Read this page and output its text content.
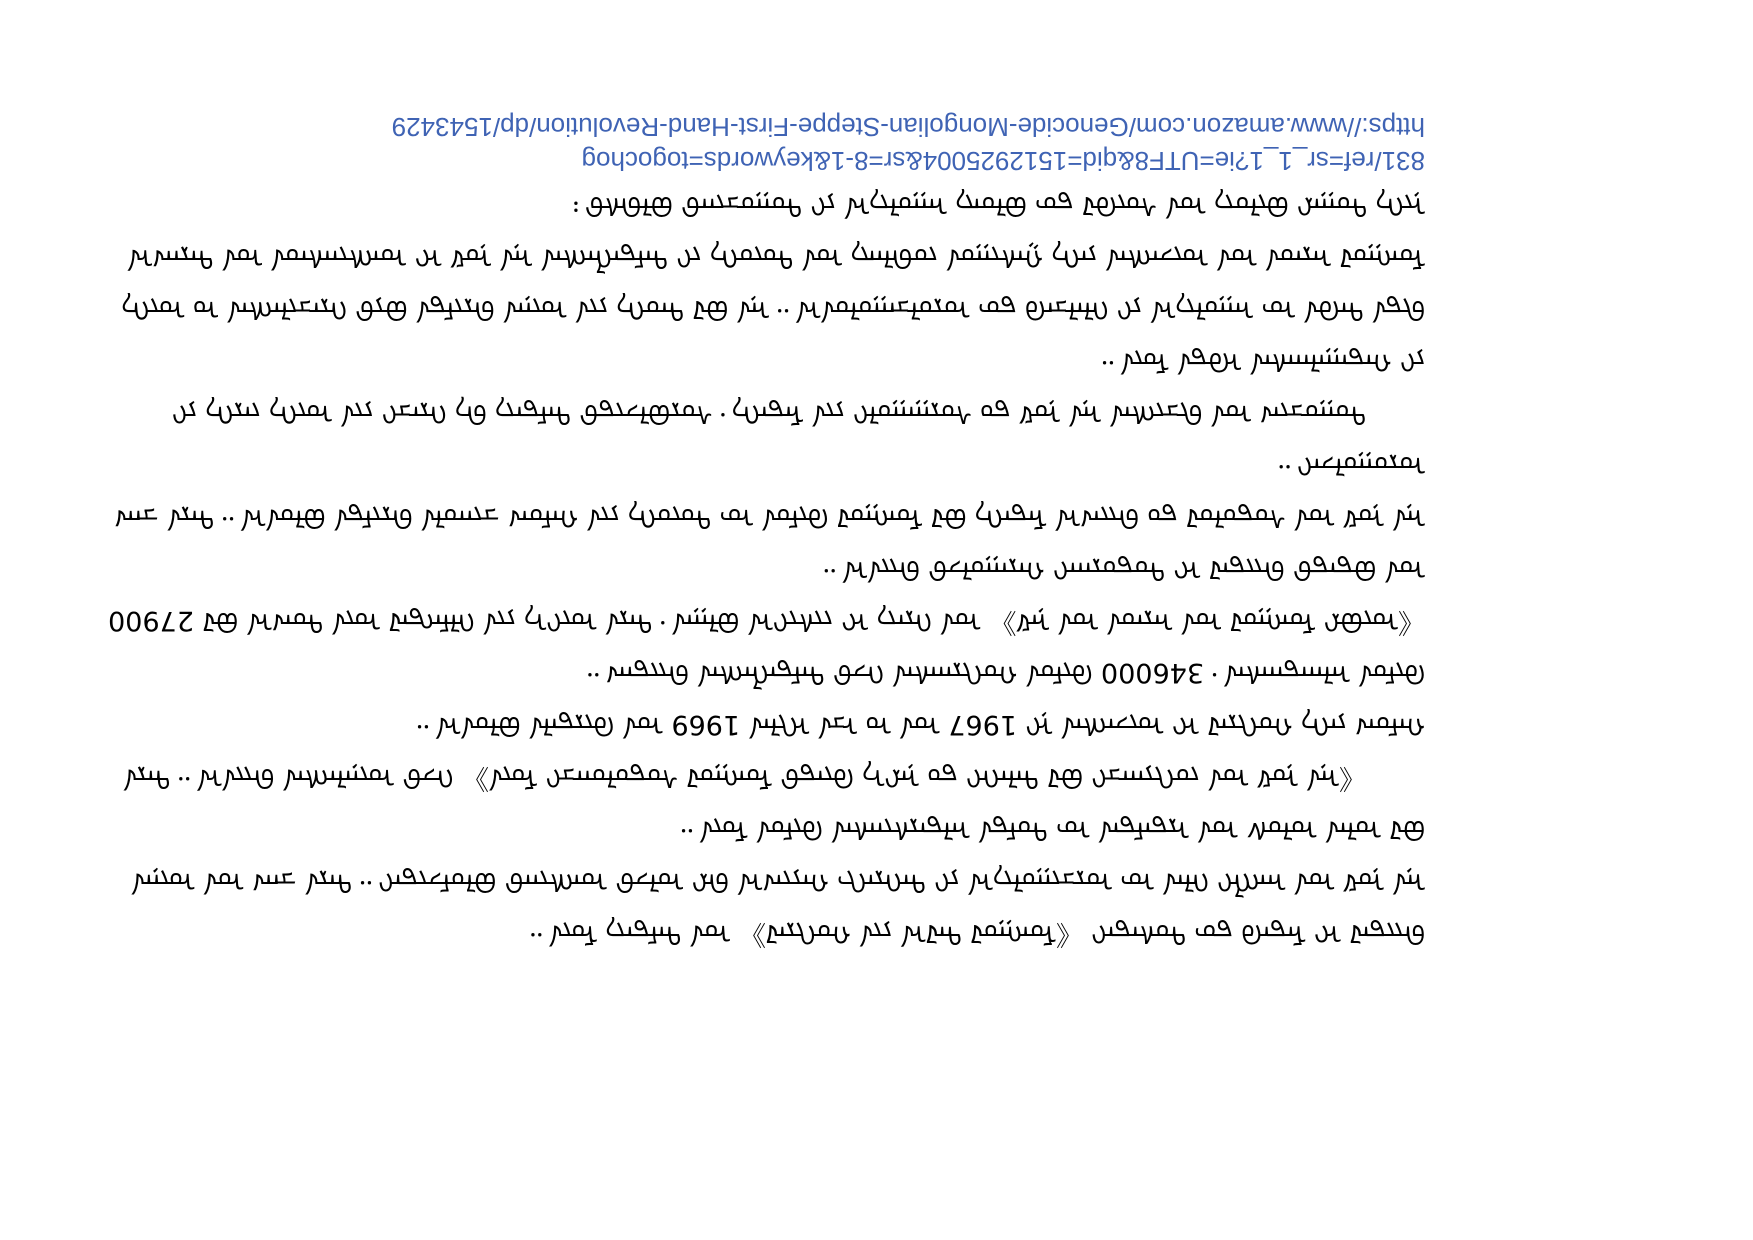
https://www.amazon.com/Genocide-Mongolian-Steppe-First-Hand-Revolution/dp/1543429
831/ref=sr_1_1?ie=UTF8&qid=1512925004&sr=8-1&keywords=togochog

ᠨᠢᠭᠡ ᠳᠤᠭᠠᠷ ᠪᠦᠯᠦᠭ ᠤᠨ ᠰᠦᠭᠦᠯ ᠳᠦ ᠪᠤᠯᠤᠩ ᠠᠭᠤᠯᠭ᠎ᠠ ᠶᠢ ᠲᠣᠭᠣᠴᠢᠬᠤ ᠪᠤᠯᠪᠠᠰᠤ᠄

ᠮᠣᠩᠭᠣᠯ ᠠᠷᠠᠳ ᠤᠨ ᠦᠵᠡᠭᠰᠡᠨ ᠶᠡᠬᠡ ᠭᠠᠰᠢᠭᠤᠨ ᠵᠣᠪᠠᠯᠠᠩ ᠤᠨ ᠲᠦᠦᠬᠡ ᠵᠢ ᠲᠡᠮᠳᠡᠭᠯᠡᠭᠰᠡᠨ ᠡᠨᠡ ᠨᠣᠮ ᠢ ᠤᠩᠰᠢᠭᠰᠠᠳ ᠤᠨ ᠳᠠᠷᠠᠭ᠎ᠠ ᠪᠢᠳᠡ ᠲᠡᠭᠦᠨ ᠦ ᠠᠭᠤᠯᠭ᠎ᠠ ᠶᠢ ᠬᠡᠯᠡᠯᠴᠡᠬᠦ ᠳᠦ ᠣᠷᠣᠯᠴᠠᠭᠤᠯᠤᠨ᠎ᠠ᠃ ᠡᠨᠡ ᠪᠣᠯ ᠲᠡᠦᠬᠡ ᠶᠢᠨ ᠦᠨᠡᠨ ᠪᠠᠷᠢᠮᠲᠠ ᠪᠤᠶᠤ ᠭᠡᠷᠡᠴᠢᠯᠡᠭᠰᠡᠨ ᠤ ᠦᠭᠡ ᠶᠢ ᠬᠠᠳᠠᠭᠠᠯᠠᠭᠰᠠᠨ ᠡᠭᠦᠳᠡ ᠮᠥᠨ᠃

ᠲᠣᠭᠣᠴᠢᠭ ᠤᠨ ᠪᠢᠴᠢᠭᠰᠡᠨ ᠡᠨᠡ ᠨᠣᠮ ᠳᠤ ᠰᠤᠷᠭᠠᠭᠤᠯᠢ ᠶᠢᠨ ᠮᠡᠳᠡᠭᠡ᠂ ᠰᠤᠷᠪᠤᠯᠵᠢᠲᠤ ᠲᠡᠮᠳᠡᠭ ᠪᠠ ᠭᠡᠷᠡᠴᠢ ᠶᠢᠨ ᠦᠭᠡ ᠵᠡᠷᠭᠡ ᠶᠢ ᠣᠷᠤᠭᠤᠯᠵᠠᠢ᠃

ᠡᠨᠡ ᠨᠣᠮ ᠤᠨ ᠰᠤᠳᠤᠯᠤᠯ ᠳᠤ ᠪᠠᠢᠭ᠎ᠠ ᠮᠡᠳᠡᠭᠡ ᠪᠣᠯ ᠮᠣᠩᠭᠣᠯ ᠬᠦᠮᠦᠨ ᠦ ᠲᠦᠦᠬᠡ ᠶᠢᠨ ᠬᠠᠮᠤᠭ ᠴᠢᠬᠤᠯᠠ ᠪᠠᠷᠢᠮᠲᠠ ᠪᠣᠯᠤᠨ᠎ᠠ᠃ ᠲᠡᠷᠡ ᠴᠠᠭ ᠤᠨ ᠪᠣᠳᠠᠳᠤ ᠪᠠᠢᠳᠠᠯ ᠢ ᠲᠣᠳᠣᠷᠬᠠᠢ ᠬᠠᠷᠠᠭᠤᠯᠵᠤ ᠪᠠᠢᠨ᠎ᠠ᠃

《ᠦᠪᠦᠷ ᠮᠣᠩᠭᠣᠯ ᠤᠨ ᠠᠷᠠᠳ ᠤᠨ ᠨᠠᠮ》 ᠤᠨ ᠬᠡᠷᠡᠭ ᠢ ᠵᠢᠱᠢᠶ᠎ᠠ ᠪᠣᠯᠭᠠᠨ᠂ ᠲᠡᠷᠡ ᠦᠶ᠎ᠡ ᠶᠢᠨ ᠬᠡᠯᠮᠡᠭᠳᠡᠯ ᠦᠨ ᠲᠣᠭ᠎ᠠ ᠪᠣᠯ 27900 ᠬᠦᠮᠦᠨ ᠠᠯᠠᠭᠳᠠᠭᠰᠠᠨ᠂ 346000 ᠬᠦᠮᠦᠨ ᠬᠣᠬᠢᠷᠠᠭᠰᠠᠨ ᠭᠡᠵᠦ ᠲᠡᠮᠳᠡᠭᠯᠡᠭᠰᠡᠨ ᠪᠠᠢᠳᠠᠭ᠃

ᠬᠠᠮᠤᠭ ᠶᠡᠬᠡ ᠬᠣᠬᠢᠷᠠᠯ ᠢ ᠦᠵᠡᠭᠰᠡᠨ ᠨᠢ 1967 ᠣᠨ ᠤ ᠡᠴᠡ ᠡᠬᠢᠯᠡᠨ 1969 ᠣᠨ ᠬᠦᠷᠲᠡᠯᠡ ᠪᠣᠯᠤᠨ᠎ᠠ᠃

《ᠡᠨᠡ ᠨᠣᠮ ᠤᠨ ᠵᠣᠬᠢᠶᠠᠭᠴᠢ ᠪᠣᠯ ᠳᠡᠯᠡᠬᠡᠢ ᠳᠤ ᠨᠡᠷ᠎ᠡ ᠬᠦᠨᠳᠦ ᠮᠣᠩᠭᠣᠯ ᠰᠤᠳᠤᠯᠤᠭᠴᠢ ᠮᠥᠨ》 ᠭᠡᠵᠦ ᠦᠨᠡᠯᠡᠭᠰᠡᠨ ᠪᠠᠢᠨ᠎ᠠ᠃ ᠲᠡᠷᠡ ᠪᠣᠯ ᠣᠯᠠᠨ ᠤᠯᠤᠰ ᠤᠨ ᠡᠷᠳᠡᠮᠲᠡᠨ ᠦ ᠳᠤᠮᠳᠠ ᠠᠯᠳᠠᠷᠰᠢᠭᠰᠠᠨ ᠬᠦᠮᠦᠨ ᠮᠥᠨ᠃

ᠡᠨᠡ ᠨᠣᠮ ᠤᠨ ᠠᠩᠭᠯᠢ ᠬᠡᠯᠡᠨ ᠦ ᠣᠷᠴᠢᠭᠤᠯᠭ᠎ᠠ ᠶᠢ ᠳᠡᠭᠡᠷᠡᠬᠢ ᠬᠠᠶᠢᠭ᠎ᠠ ᠪᠠᠷ ᠣᠯᠵᠤ ᠤᠩᠰᠢᠬᠤ ᠪᠣᠯᠣᠮᠵᠢᠲᠠᠢ᠃ ᠲᠡᠷᠡ ᠴᠠᠭ ᠤᠨ ᠦᠨᠡᠨ ᠪᠠᠢᠳᠠᠯ ᠢ ᠮᠡᠳᠡᠬᠦ ᠳᠦ ᠲᠤᠰᠠᠲᠠᠢ 《ᠮᠣᠩᠭᠣᠯ ᠲᠠᠯ᠎ᠠ ᠶᠢᠨ ᠬᠣᠬᠢᠷᠠᠯ》 ᠤᠨ ᠲᠡᠮᠳᠡᠭ ᠮᠥᠨ᠃
